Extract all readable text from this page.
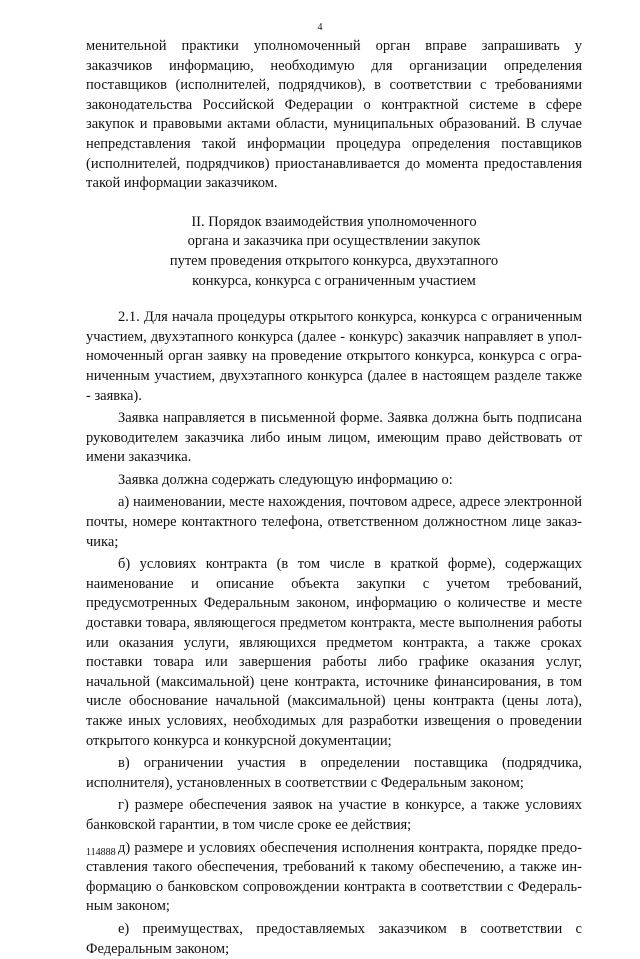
4

менительной практики уполномоченный орган вправе запрашивать у заказчиков информацию, необходимую для организации определения поставщиков (исполнителей, подрядчиков), в соответствии с требованиями законодательства Российской Федерации о контрактной системе в сфере закупок и правовыми актами области, муниципальных образований. В случае непредставления такой информации процедура определения поставщиков (исполнителей, подрядчиков) приостанавливается до момента предоставления такой информации заказчиком.

II. Порядок взаимодействия уполномоченного
органа и заказчика при осуществлении закупок
путем проведения открытого конкурса, двухэтапного
конкурса, конкурса с ограниченным участием

2.1. Для начала процедуры открытого конкурса, конкурса с ограниченным участием, двухэтапного конкурса (далее - конкурс) заказчик направляет в уполномоченный орган заявку на проведение открытого конкурса, конкурса с ограниченным участием, двухэтапного конкурса (далее в настоящем разделе также - заявка).

Заявка направляется в письменной форме. Заявка должна быть подписана руководителем заказчика либо иным лицом, имеющим право действовать от имени заказчика.

Заявка должна содержать следующую информацию о:

а) наименовании, месте нахождения, почтовом адресе, адресе электронной почты, номере контактного телефона, ответственном должностном лице заказчика;

б) условиях контракта (в том числе в краткой форме), содержащих наименование и описание объекта закупки с учетом требований, предусмотренных Федеральным законом, информацию о количестве и месте доставки товара, являющегося предметом контракта, месте выполнения работы или оказания услуги, являющихся предметом контракта, а также сроках поставки товара или завершения работы либо графике оказания услуг, начальной (максимальной) цене контракта, источнике финансирования, в том числе обоснование начальной (максимальной) цены контракта (цены лота), также иных условиях, необходимых для разработки извещения о проведении открытого конкурса и конкурсной документации;

в) ограничении участия в определении поставщика (подрядчика, исполнителя), установленных в соответствии с Федеральным законом;

г) размере обеспечения заявок на участие в конкурсе, а также условиях банковской гарантии, в том числе сроке ее действия;

д) размере и условиях обеспечения исполнения контракта, порядке предоставления такого обеспечения, требований к такому обеспечению, а также информацию о банковском сопровождении контракта в соответствии с Федеральным законом;

е) преимуществах, предоставляемых заказчиком в соответствии с Федеральным законом;

114888
